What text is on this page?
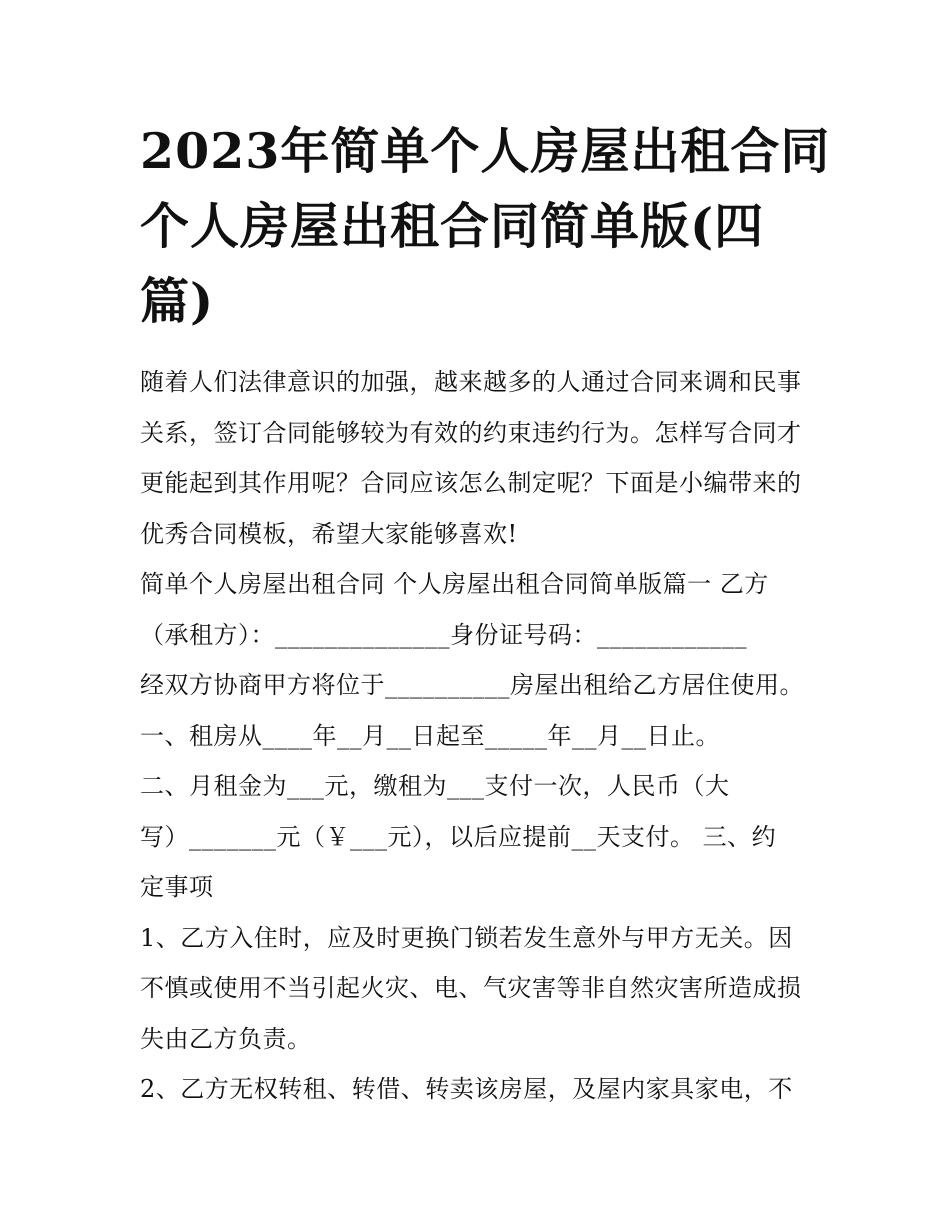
2023年简单个人房屋出租合同
个人房屋出租合同简单版(四
篇)
随着人们法律意识的加强，越来越多的人通过合同来调和民事
关系，签订合同能够较为有效的约束违约行为。怎样写合同才
更能起到其作用呢？合同应该怎么制定呢？下面是小编带来的
优秀合同模板，希望大家能够喜欢!
简单个人房屋出租合同 个人房屋出租合同简单版篇一 乙方
（承租方）：______________身份证号码：____________
经双方协商甲方将位于__________房屋出租给乙方居住使用。
一、租房从____年__月__日起至_____年__月__日止。
二、月租金为___元，缴租为___支付一次，人民币（大
写）_______元（￥___元），以后应提前__天支付。 三、约
定事项
1、乙方入住时，应及时更换门锁若发生意外与甲方无关。因
不慎或使用不当引起火灾、电、气灾害等非自然灾害所造成损
失由乙方负责。
2、乙方无权转租、转借、转卖该房屋，及屋内家具家电，不
